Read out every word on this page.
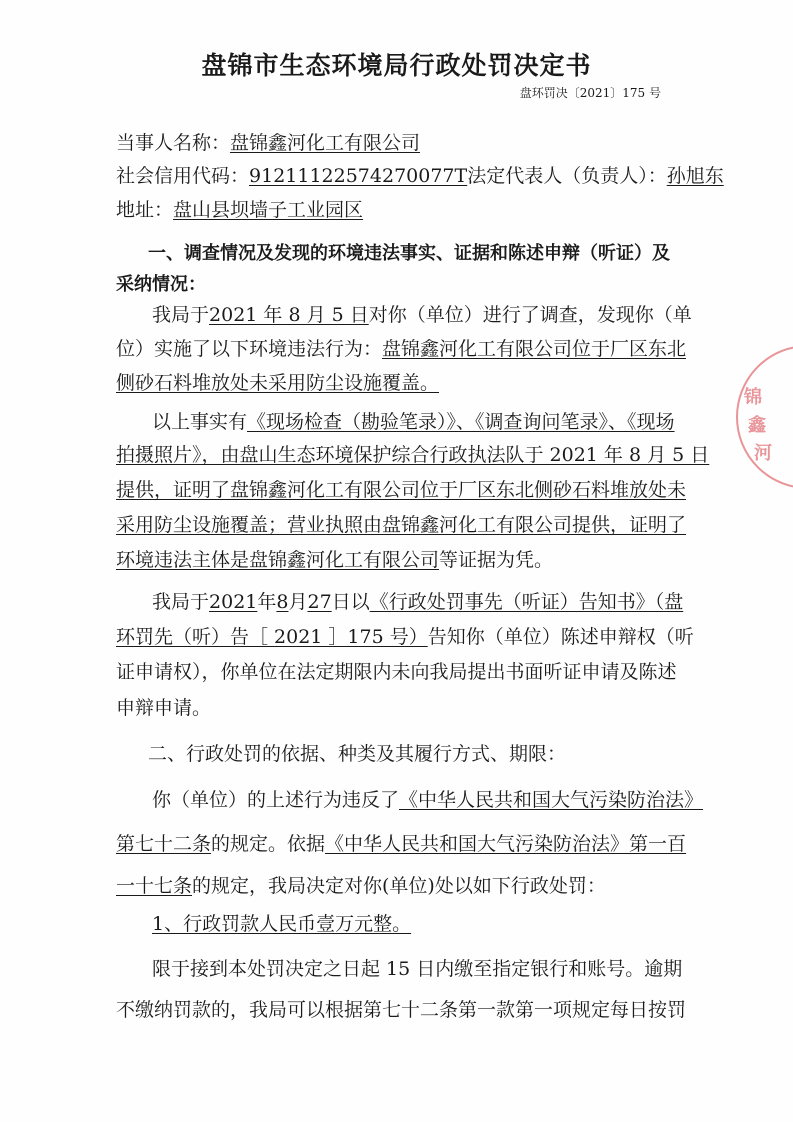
盘锦市生态环境局行政处罚决定书
盘环罚决〔2021〕175 号
当事人名称：盘锦鑫河化工有限公司
社会信用代码：91211122574270077T法定代表人（负责人）：孙旭东
地址：盘山县坝墙子工业园区
一、调查情况及发现的环境违法事实、证据和陈述申辩（听证）及
采纳情况：
我局于2021 年 8 月 5 日对你（单位）进行了调查，发现你（单
位）实施了以下环境违法行为：盘锦鑫河化工有限公司位于厂区东北
侧砂石料堆放处未采用防尘设施覆盖。
以上事实有《现场检查（勘验笔录）》、《调查询问笔录》、《现场
拍摄照片》，由盘山生态环境保护综合行政执法队于 2021 年 8 月 5 日
提供，证明了盘锦鑫河化工有限公司位于厂区东北侧砂石料堆放处未
采用防尘设施覆盖；营业执照由盘锦鑫河化工有限公司提供，证明了
环境违法主体是盘锦鑫河化工有限公司等证据为凭。
我局于2021年8月27日以《行政处罚事先（听证）告知书》（盘
环罚先（听）告［ 2021 ］175 号）告知你（单位）陈述申辩权（听
证申请权），你单位在法定期限内未向我局提出书面听证申请及陈述
申辩申请。
二、行政处罚的依据、种类及其履行方式、期限：
你（单位）的上述行为违反了《中华人民共和国大气污染防治法》
第七十二条的规定。依据《中华人民共和国大气污染防治法》第一百
一十七条的规定，我局决定对你(单位)处以如下行政处罚：
1、行政罚款人民币壹万元整。
限于接到本处罚决定之日起 15 日内缴至指定银行和账号。逾期
不缴纳罚款的，我局可以根据第七十二条第一款第一项规定每日按罚
锦
鑫
河
